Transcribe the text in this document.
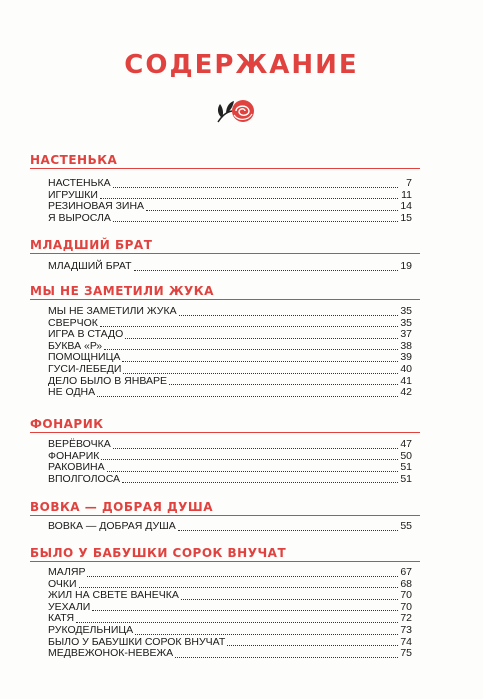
СОДЕРЖАНИЕ
НАСТЕНЬКА
НАСТЕНЬКА	7
ИГРУШКИ	11
РЕЗИНОВАЯ ЗИНА	14
Я ВЫРОСЛА	15
МЛАДШИЙ БРАТ
МЛАДШИЙ БРАТ	19
МЫ НЕ ЗАМЕТИЛИ ЖУКА
МЫ НЕ ЗАМЕТИЛИ ЖУКА	35
СВЕРЧОК	35
ИГРА В СТАДО	37
БУКВА «Р»	38
ПОМОЩНИЦА	39
ГУСИ-ЛЕБЕДИ	40
ДЕЛО БЫЛО В ЯНВАРЕ	41
НЕ ОДНА	42
ФОНАРИК
ВЕРЁВОЧКА	47
ФОНАРИК	50
РАКОВИНА	51
ВПОЛГОЛОСА	51
ВОВКА — ДОБРАЯ ДУША
ВОВКА — ДОБРАЯ ДУША	55
БЫЛО У БАБУШКИ СОРОК ВНУЧАТ
МАЛЯР	67
ОЧКИ	68
ЖИЛ НА СВЕТЕ ВАНЕЧКА	70
УЕХАЛИ	70
КАТЯ	72
РУКОДЕЛЬНИЦА	73
БЫЛО У БАБУШКИ СОРОК ВНУЧАТ	74
МЕДВЕЖОНОК-НЕВЕЖА	75
